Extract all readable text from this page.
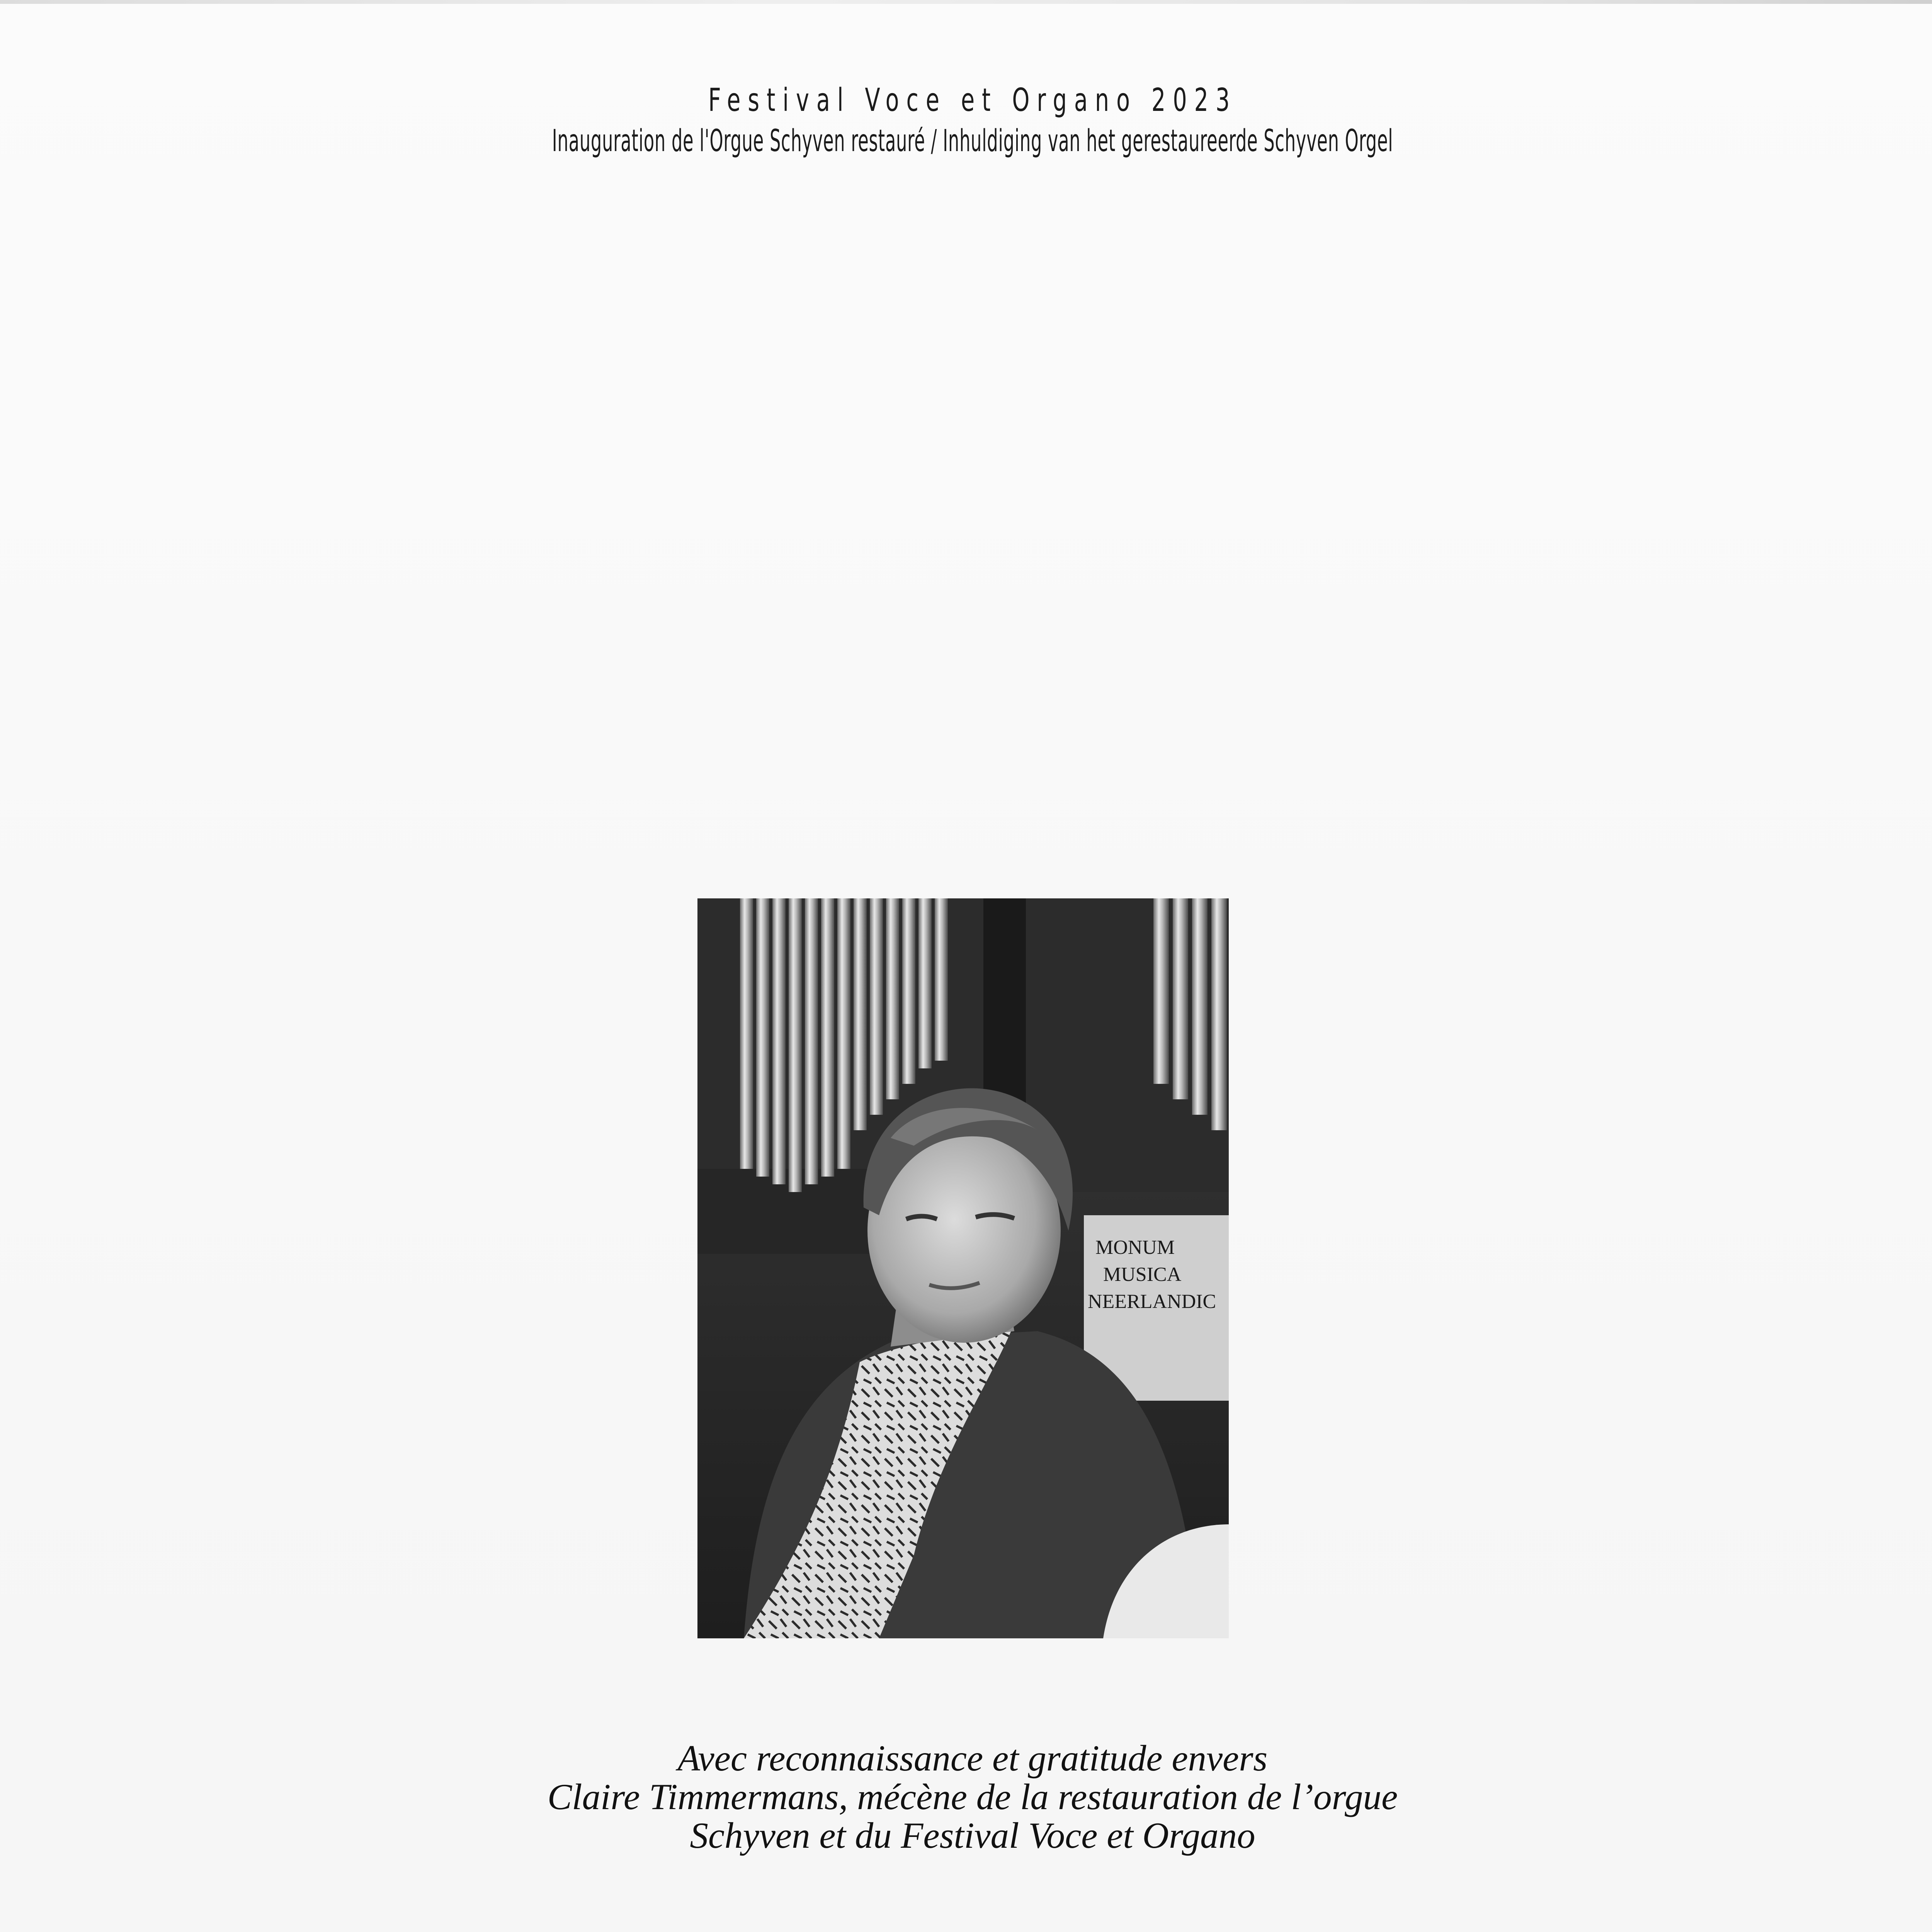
Festival Voce et Organo 2023
Inauguration de l'Orgue Schyven restauré / Inhuldiging van het gerestaureerde Schyven Orgel
MONUM
MUSICA
NEERLANDIC

Avec reconnaissance et gratitude envers

Claire Timmermans, mécène de la restauration de l’orgue

Schyven et du Festival Voce et Organo
